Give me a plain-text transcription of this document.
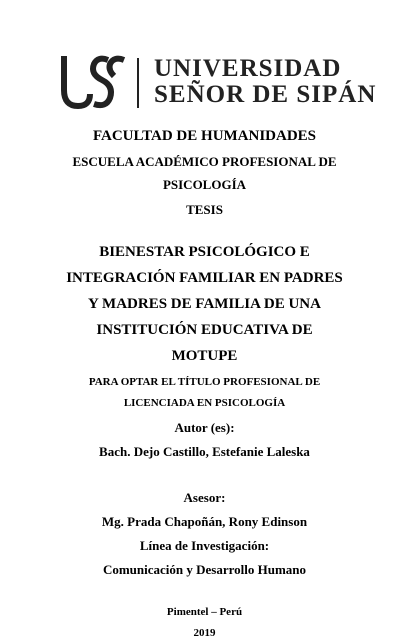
UNIVERSIDAD
SEÑOR DE SIPÁN
FACULTAD DE HUMANIDADES
ESCUELA ACADÉMICO PROFESIONAL DE
PSICOLOGÍA
TESIS
BIENESTAR PSICOLÓGICO E
INTEGRACIÓN FAMILIAR EN PADRES
Y MADRES DE FAMILIA DE UNA
INSTITUCIÓN EDUCATIVA DE
MOTUPE
PARA OPTAR EL TÍTULO PROFESIONAL DE
LICENCIADA EN PSICOLOGÍA
Autor (es):
Bach. Dejo Castillo, Estefanie Laleska
Asesor:
Mg. Prada Chapoñán, Rony Edinson
Línea de Investigación:
Comunicación y Desarrollo Humano
Pimentel – Perú
2019
